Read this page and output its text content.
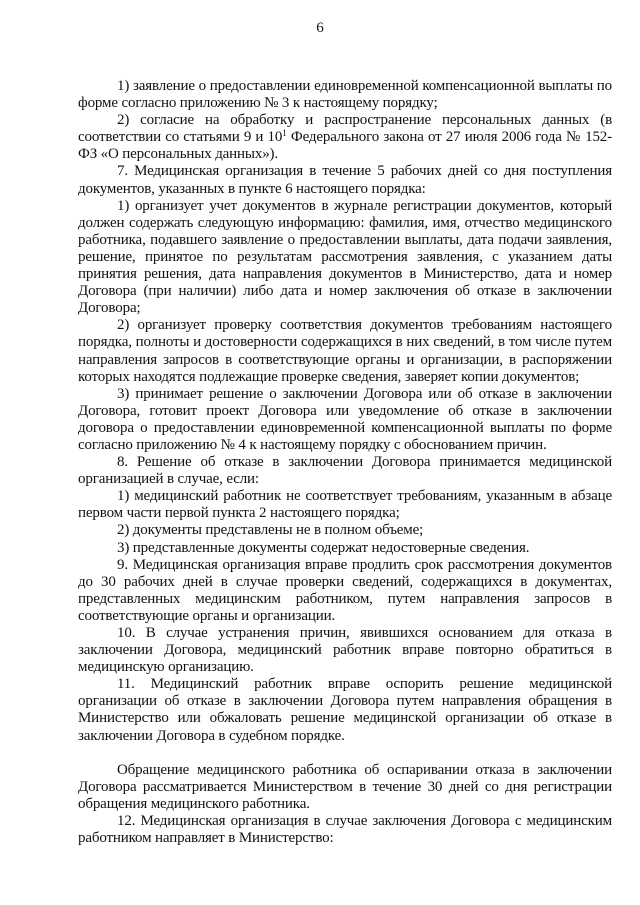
6

1) заявление о предоставлении единовременной компенсационной выплаты по форме согласно приложению № 3 к настоящему порядку;

2) согласие на обработку и распространение персональных данных (в соответствии со статьями 9 и $10^1$ Федерального закона от 27 июля 2006 года № 152-ФЗ «О персональных данных»).

7. Медицинская организация в течение 5 рабочих дней со дня поступления документов, указанных в пункте 6 настоящего порядка:

1) организует учет документов в журнале регистрации документов, который должен содержать следующую информацию: фамилия, имя, отчество медицинского работника, подавшего заявление о предоставлении выплаты, дата подачи заявления, решение, принятое по результатам рассмотрения заявления, с указанием даты принятия решения, дата направления документов в Министерство, дата и номер Договора (при наличии) либо дата и номер заключения об отказе в заключении Договора;

2) организует проверку соответствия документов требованиям настоящего порядка, полноты и достоверности содержащихся в них сведений, в том числе путем направления запросов в соответствующие органы и организации, в распоряжении которых находятся подлежащие проверке сведения, заверяет копии документов;

3) принимает решение о заключении Договора или об отказе в заключении Договора, готовит проект Договора или уведомление об отказе в заключении договора о предоставлении единовременной компенсационной выплаты по форме согласно приложению № 4 к настоящему порядку с обоснованием причин.

8. Решение об отказе в заключении Договора принимается медицинской организацией в случае, если:

1) медицинский работник не соответствует требованиям, указанным в абзаце первом части первой пункта 2 настоящего порядка;

2) документы представлены не в полном объеме;

3) представленные документы содержат недостоверные сведения.

9. Медицинская организация вправе продлить срок рассмотрения документов до 30 рабочих дней в случае проверки сведений, содержащихся в документах, представленных медицинским работником, путем направления запросов в соответствующие органы и организации.

10. В случае устранения причин, явившихся основанием для отказа в заключении Договора, медицинский работник вправе повторно обратиться в медицинскую организацию.

11. Медицинский работник вправе оспорить решение медицинской организации об отказе в заключении Договора путем направления обращения в Министерство или обжаловать решение медицинской организации об отказе в заключении Договора в судебном порядке.

Обращение медицинского работника об оспаривании отказа в заключении Договора рассматривается Министерством в течение 30 дней со дня регистрации обращения медицинского работника.

12. Медицинская организация в случае заключения Договора с медицинским работником направляет в Министерство:
